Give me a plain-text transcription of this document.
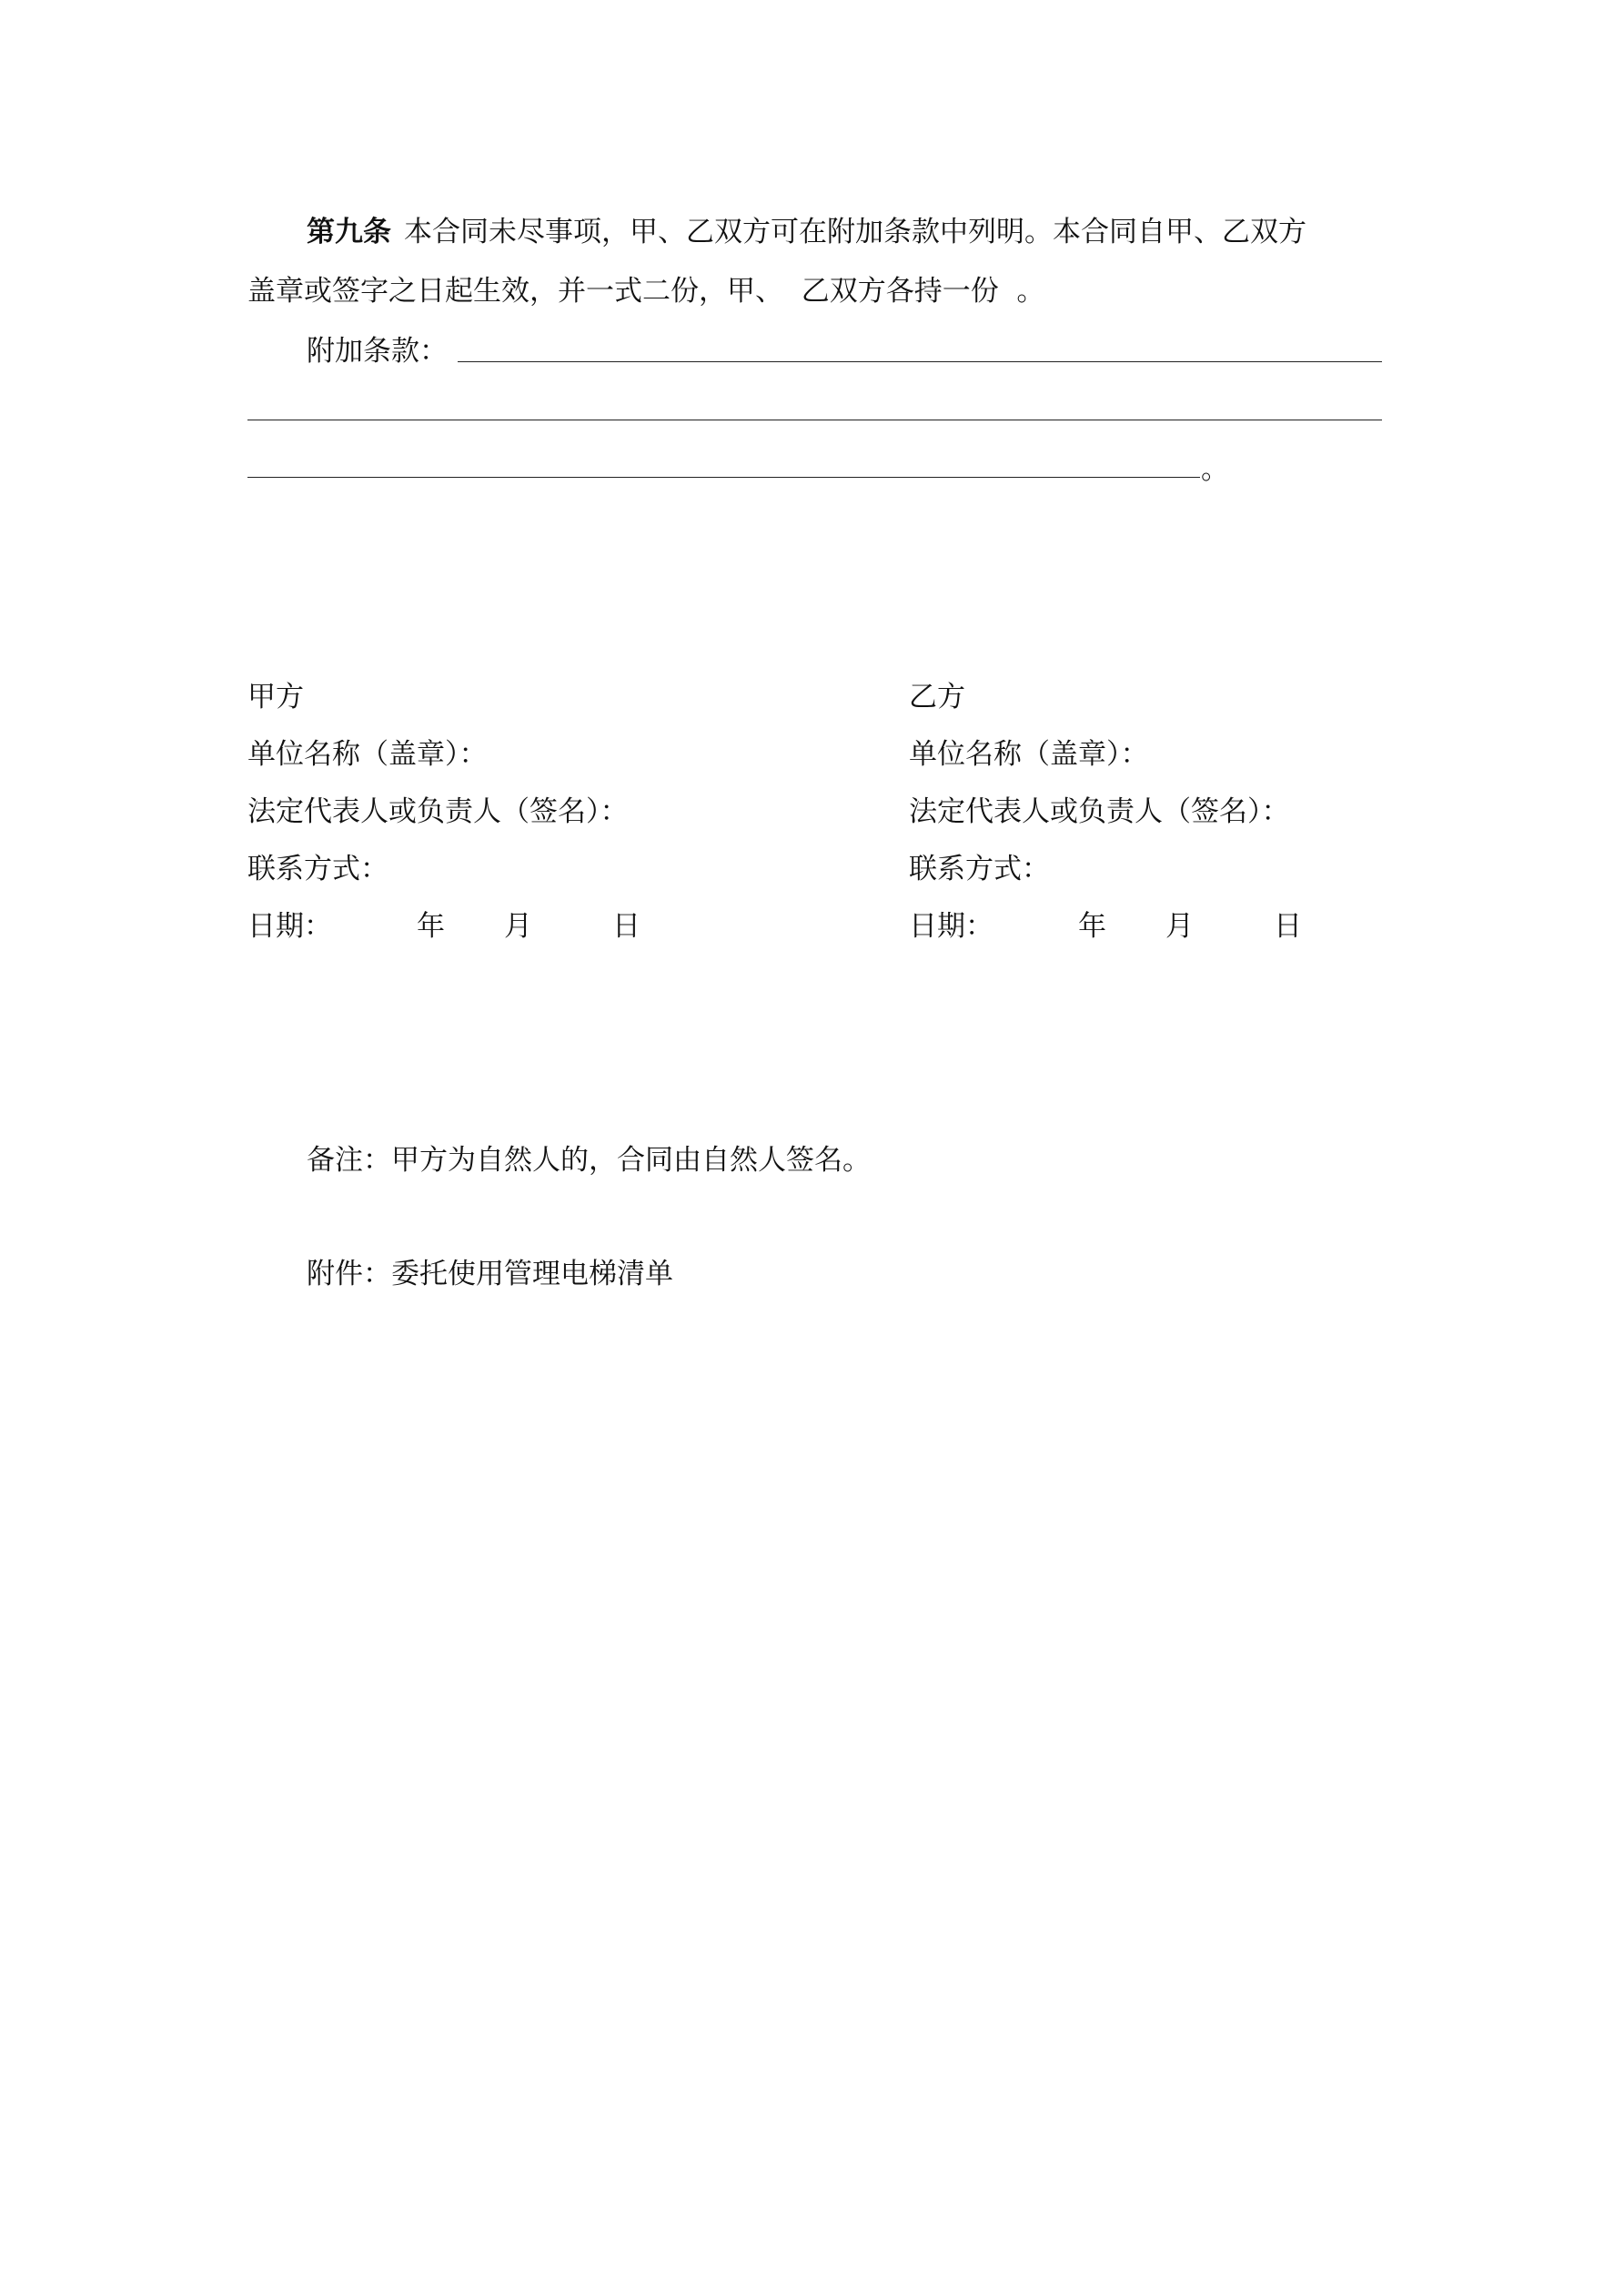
第九条 本合同未尽事项，甲、乙双方可在附加条款中列明。本合同自甲、乙双方
盖章或签字之日起生效，并一式二份，甲、  乙双方各持一份  。
附加条款：
。
甲方
单位名称（盖章）：
法定代表人或负责人（签名）：
联系方式：
日期：	年 月	日
乙方
单位名称（盖章）：
法定代表人或负责人（签名）：
联系方式：
日期：	年 月	日
备注：甲方为自然人的，合同由自然人签名。
附件：委托使用管理电梯清单
